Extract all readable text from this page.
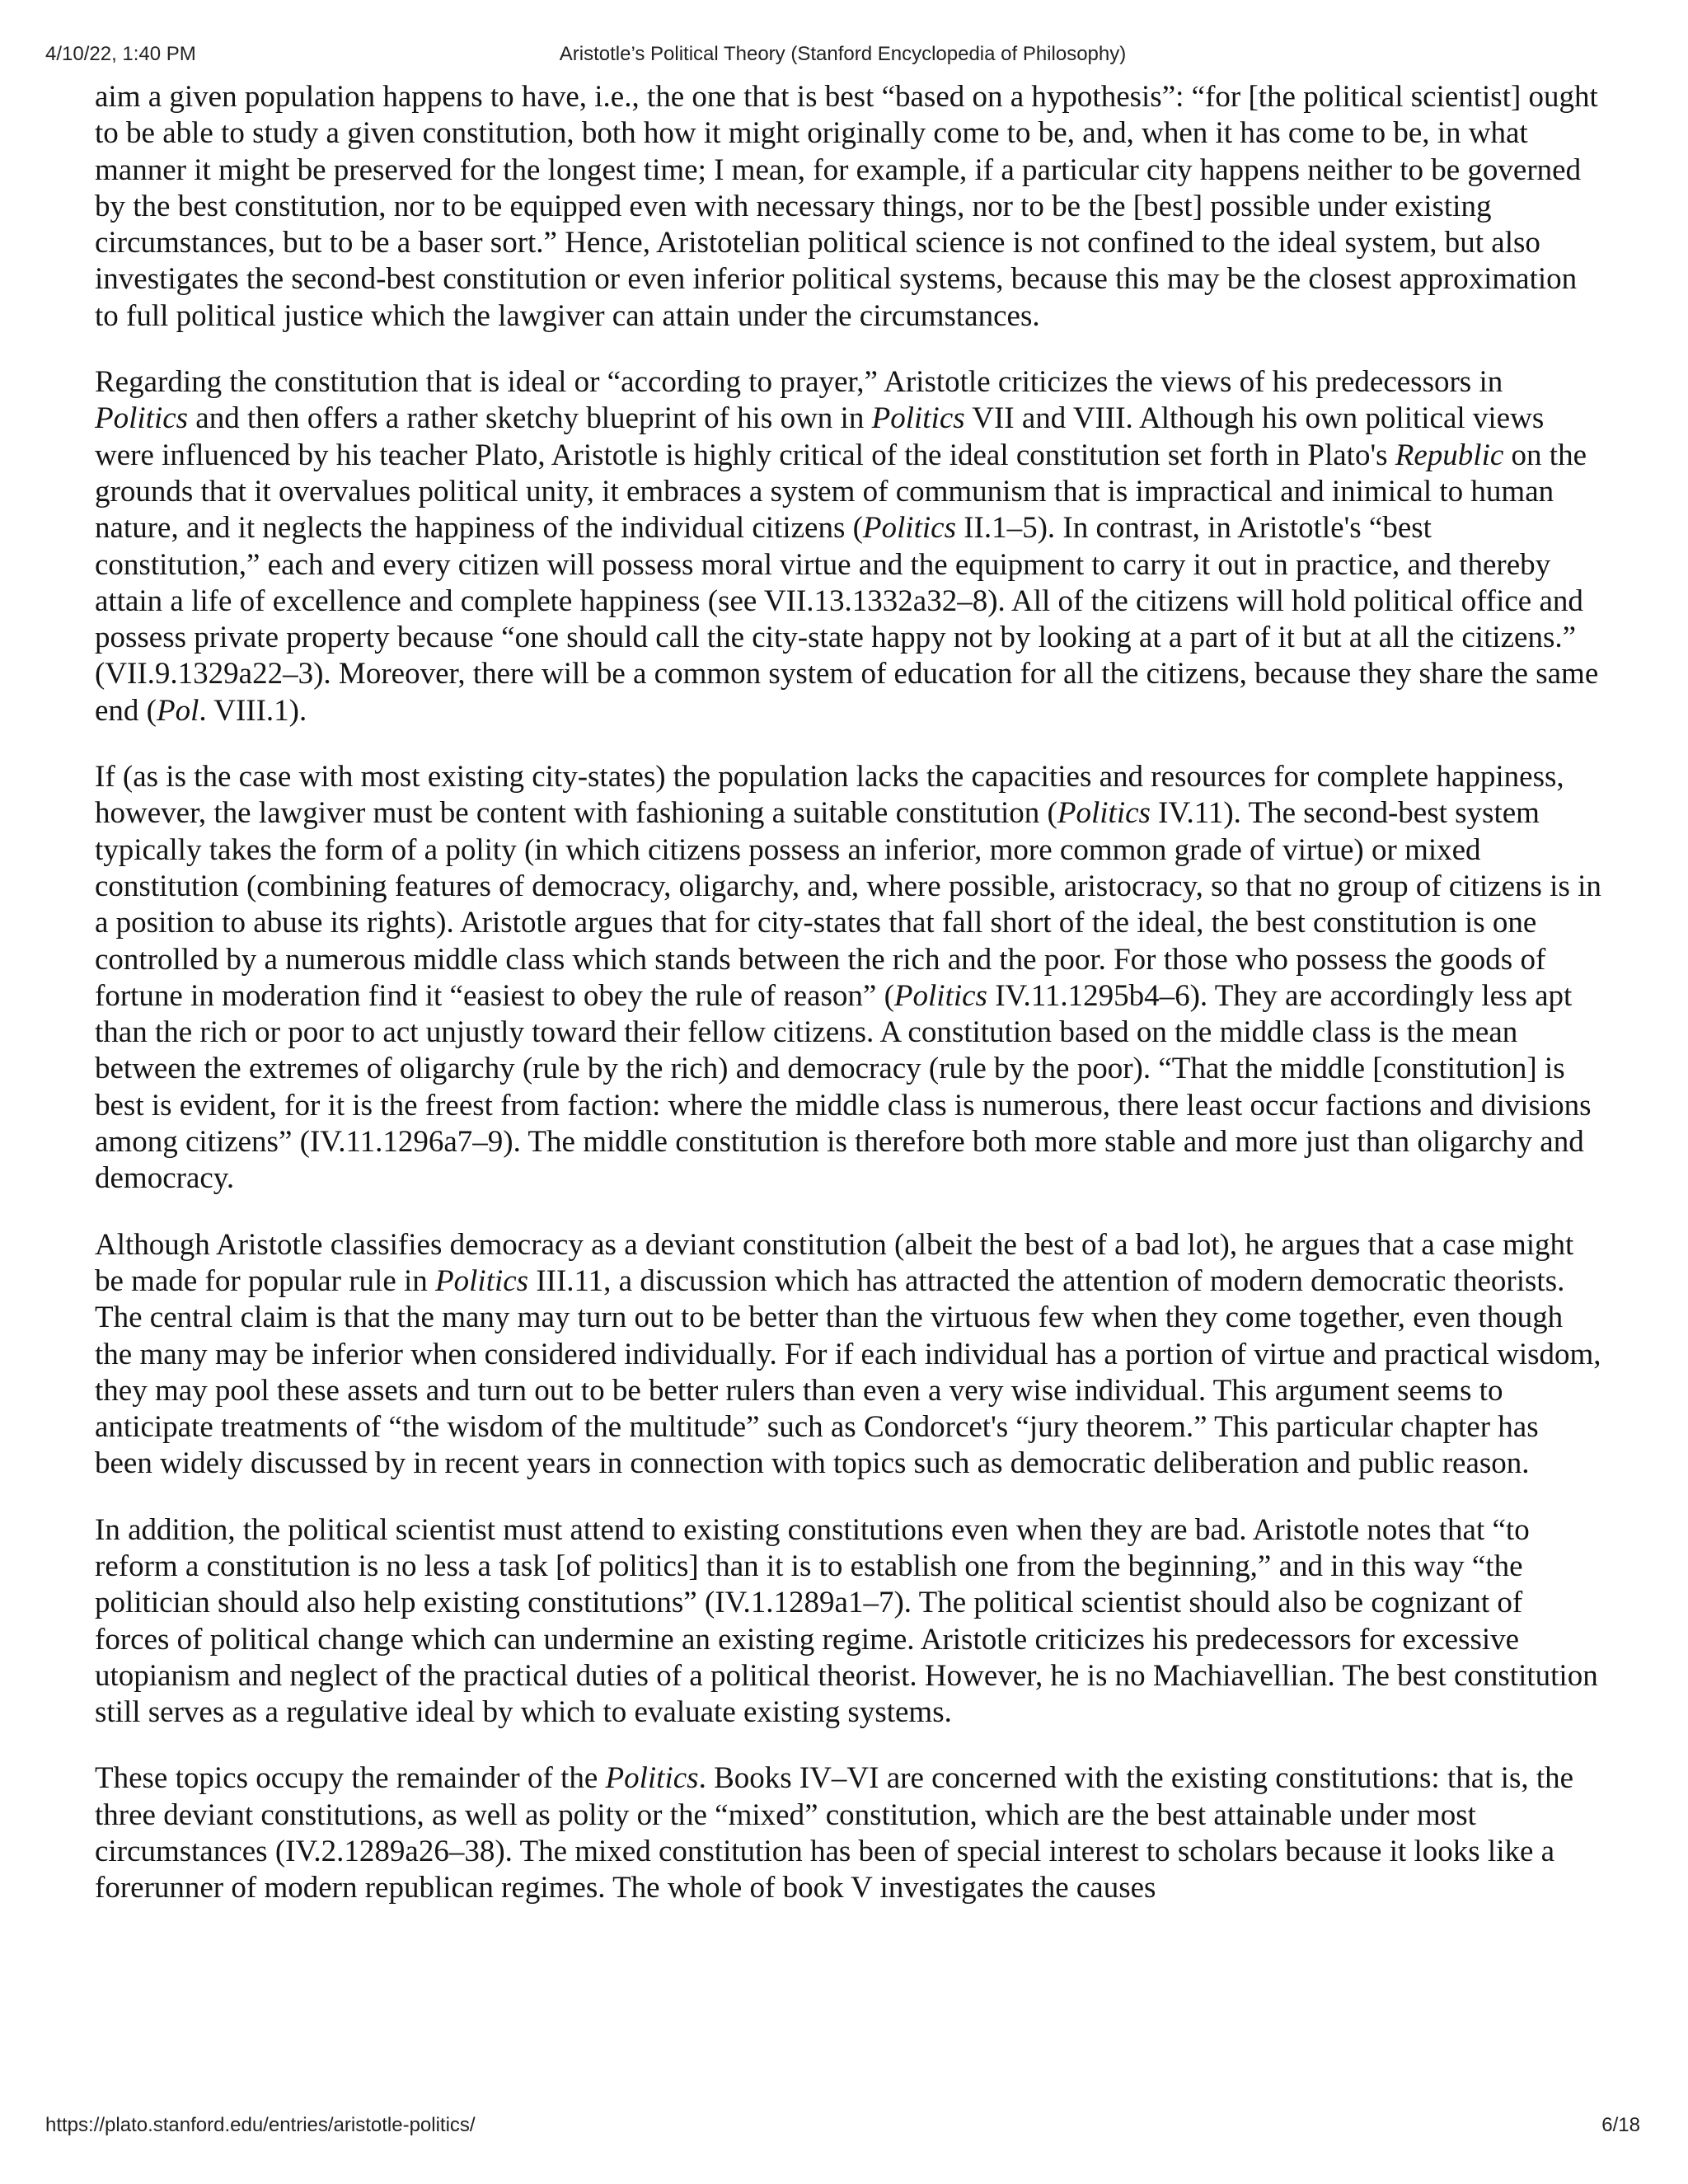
4/10/22, 1:40 PM	Aristotle’s Political Theory (Stanford Encyclopedia of Philosophy)

aim a given population happens to have, i.e., the one that is best “based on a hypothesis”: “for [the political scientist] ought to be able to study a given constitution, both how it might originally come to be, and, when it has come to be, in what manner it might be preserved for the longest time; I mean, for example, if a particular city happens neither to be governed by the best constitution, nor to be equipped even with necessary things, nor to be the [best] possible under existing circumstances, but to be a baser sort.” Hence, Aristotelian political science is not confined to the ideal system, but also investigates the second-best constitution or even inferior political systems, because this may be the closest approximation to full political justice which the lawgiver can attain under the circumstances.

Regarding the constitution that is ideal or “according to prayer,” Aristotle criticizes the views of his predecessors in Politics and then offers a rather sketchy blueprint of his own in Politics VII and VIII. Although his own political views were influenced by his teacher Plato, Aristotle is highly critical of the ideal constitution set forth in Plato's Republic on the grounds that it overvalues political unity, it embraces a system of communism that is impractical and inimical to human nature, and it neglects the happiness of the individual citizens (Politics II.1–5). In contrast, in Aristotle's “best constitution,” each and every citizen will possess moral virtue and the equipment to carry it out in practice, and thereby attain a life of excellence and complete happiness (see VII.13.1332a32–8). All of the citizens will hold political office and possess private property because “one should call the city-state happy not by looking at a part of it but at all the citizens.” (VII.9.1329a22–3). Moreover, there will be a common system of education for all the citizens, because they share the same end (Pol. VIII.1).

If (as is the case with most existing city-states) the population lacks the capacities and resources for complete happiness, however, the lawgiver must be content with fashioning a suitable constitution (Politics IV.11). The second-best system typically takes the form of a polity (in which citizens possess an inferior, more common grade of virtue) or mixed constitution (combining features of democracy, oligarchy, and, where possible, aristocracy, so that no group of citizens is in a position to abuse its rights). Aristotle argues that for city-states that fall short of the ideal, the best constitution is one controlled by a numerous middle class which stands between the rich and the poor. For those who possess the goods of fortune in moderation find it “easiest to obey the rule of reason” (Politics IV.11.1295b4–6). They are accordingly less apt than the rich or poor to act unjustly toward their fellow citizens. A constitution based on the middle class is the mean between the extremes of oligarchy (rule by the rich) and democracy (rule by the poor). “That the middle [constitution] is best is evident, for it is the freest from faction: where the middle class is numerous, there least occur factions and divisions among citizens” (IV.11.1296a7–9). The middle constitution is therefore both more stable and more just than oligarchy and democracy.

Although Aristotle classifies democracy as a deviant constitution (albeit the best of a bad lot), he argues that a case might be made for popular rule in Politics III.11, a discussion which has attracted the attention of modern democratic theorists. The central claim is that the many may turn out to be better than the virtuous few when they come together, even though the many may be inferior when considered individually. For if each individual has a portion of virtue and practical wisdom, they may pool these assets and turn out to be better rulers than even a very wise individual. This argument seems to anticipate treatments of “the wisdom of the multitude” such as Condorcet's “jury theorem.” This particular chapter has been widely discussed by in recent years in connection with topics such as democratic deliberation and public reason.

In addition, the political scientist must attend to existing constitutions even when they are bad. Aristotle notes that “to reform a constitution is no less a task [of politics] than it is to establish one from the beginning,” and in this way “the politician should also help existing constitutions” (IV.1.1289a1–7). The political scientist should also be cognizant of forces of political change which can undermine an existing regime. Aristotle criticizes his predecessors for excessive utopianism and neglect of the practical duties of a political theorist. However, he is no Machiavellian. The best constitution still serves as a regulative ideal by which to evaluate existing systems.

These topics occupy the remainder of the Politics. Books IV–VI are concerned with the existing constitutions: that is, the three deviant constitutions, as well as polity or the “mixed” constitution, which are the best attainable under most circumstances (IV.2.1289a26–38). The mixed constitution has been of special interest to scholars because it looks like a forerunner of modern republican regimes. The whole of book V investigates the causes

https://plato.stanford.edu/entries/aristotle-politics/	6/18
